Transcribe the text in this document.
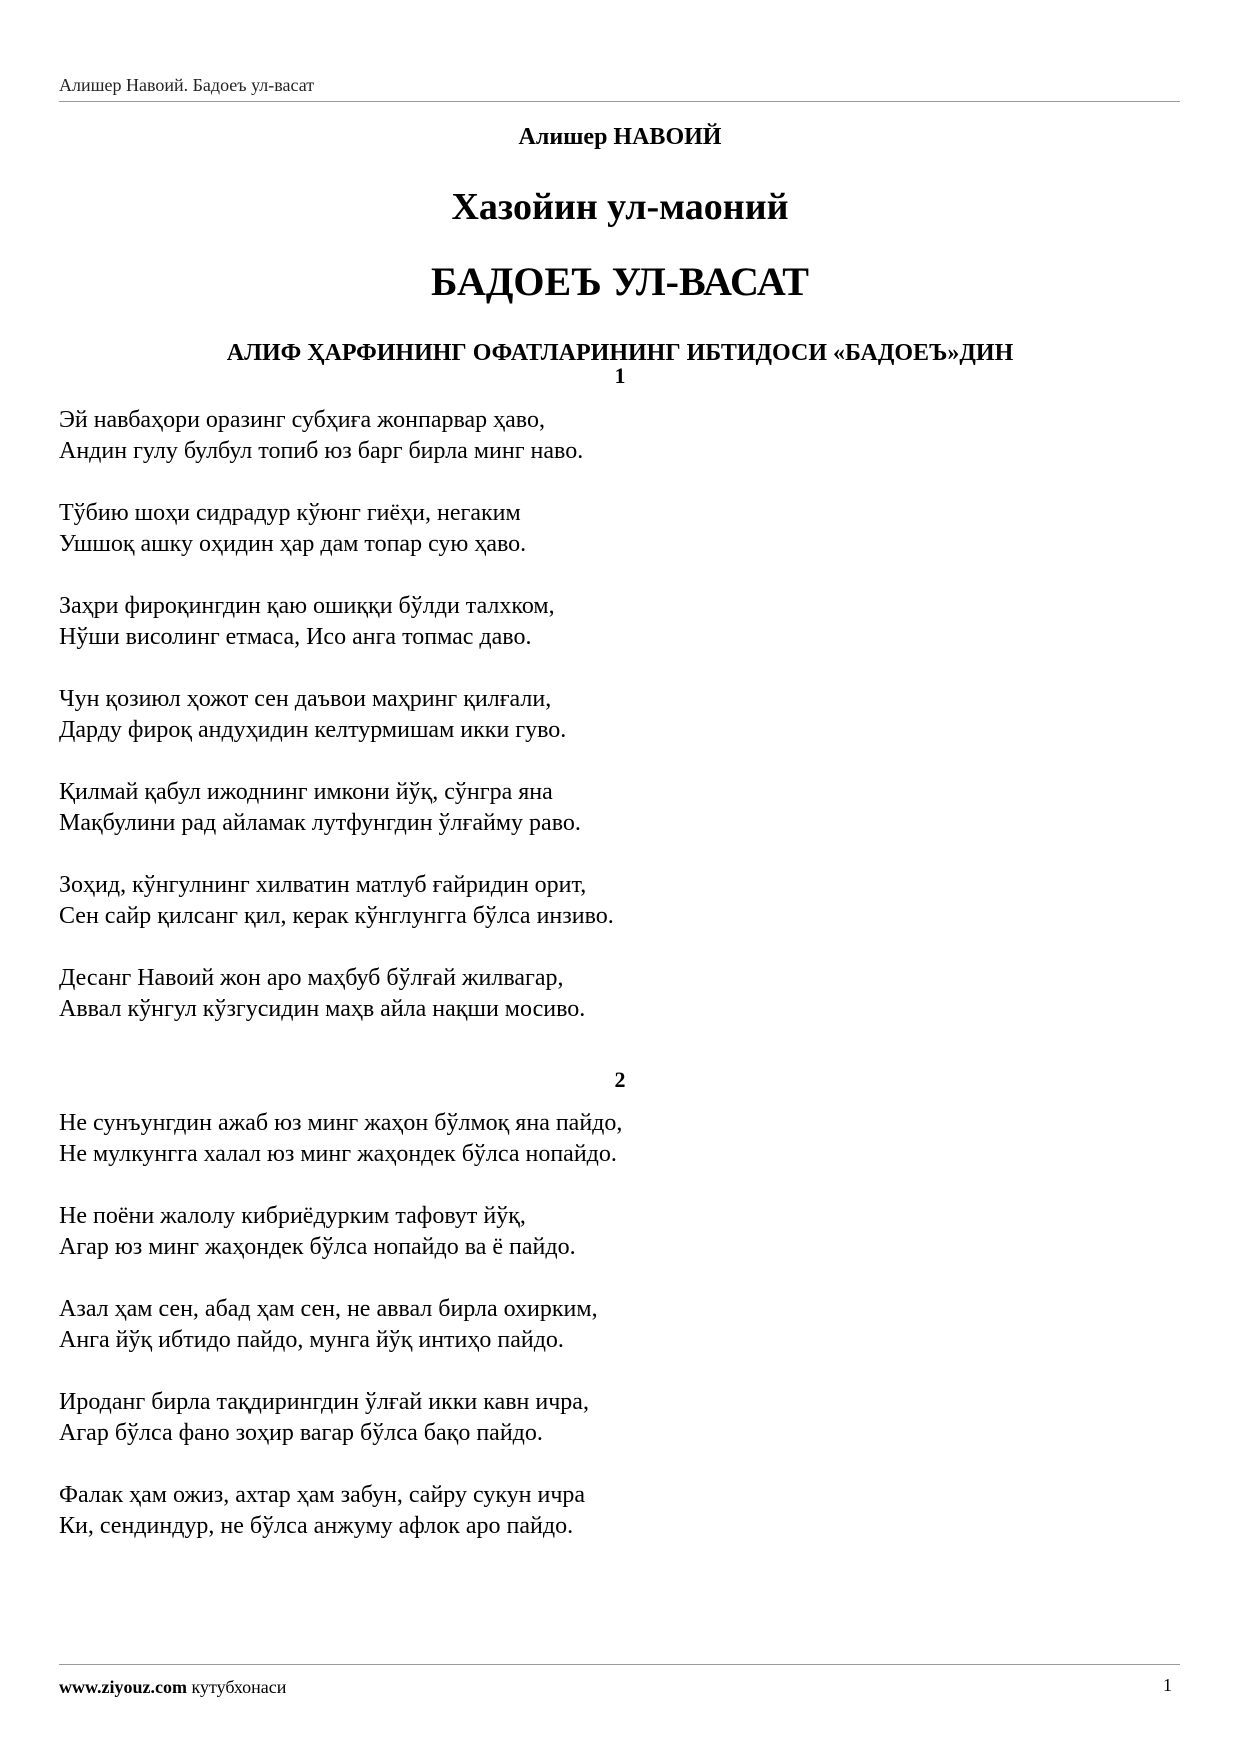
Алишер Навоий. Бадоеъ ул-васат
Алишер НАВОИЙ
Хазойин ул-маоний
БАДОЕЪ УЛ-ВАСАТ
АЛИФ ҲАРФИНИНГ ОФАТЛАРИНИНГ ИБТИДОСИ «БАДОЕЪ»ДИН
1
Эй навбаҳори оразинг субҳиға жонпарвар ҳаво,
Андин гулу булбул топиб юз барг бирла минг наво.
Тўбию шоҳи сидрадур кўюнг гиёҳи, негаким
Ушшоқ ашку оҳидин ҳар дам топар сую ҳаво.
Заҳри фироқингдин қаю ошиққи бўлди талхком,
Нўши висолинг етмаса, Исо анга топмас даво.
Чун қозиюл ҳожот сен даъвои маҳринг қилғали,
Дарду фироқ андуҳидин келтурмишам икки гуво.
Қилмай қабул ижоднинг имкони йўқ, сўнгра яна
Мақбулини рад айламак лутфунгдин ўлғайму раво.
Зоҳид, кўнгулнинг хилватин матлуб ғайридин орит,
Сен сайр қилсанг қил, керак кўнглунгга бўлса инзиво.
Десанг Навоий жон аро маҳбуб бўлғай жилвагар,
Аввал кўнгул кўзгусидин маҳв айла нақши мосиво.
2
Не сунъунгдин ажаб юз минг жаҳон бўлмоқ яна пайдо,
Не мулкунгга халал юз минг жаҳондек бўлса нопайдо.
Не поёни жалолу кибриёдурким тафовут йўқ,
Агар юз минг жаҳондек бўлса нопайдо ва ё пайдо.
Азал ҳам сен, абад ҳам сен, не аввал бирла охирким,
Анга йўқ ибтидо пайдо, мунга йўқ интиҳо пайдо.
Ироданг бирла тақдирингдин ўлғай икки кавн ичра,
Агар бўлса фано зоҳир вагар бўлса бақо пайдо.
Фалак ҳам ожиз, ахтар ҳам забун, сайру сукун ичра
Ки, сендиндур, не бўлса анжуму афлок аро пайдо.
www.ziyouz.com кутубхонаси	1
